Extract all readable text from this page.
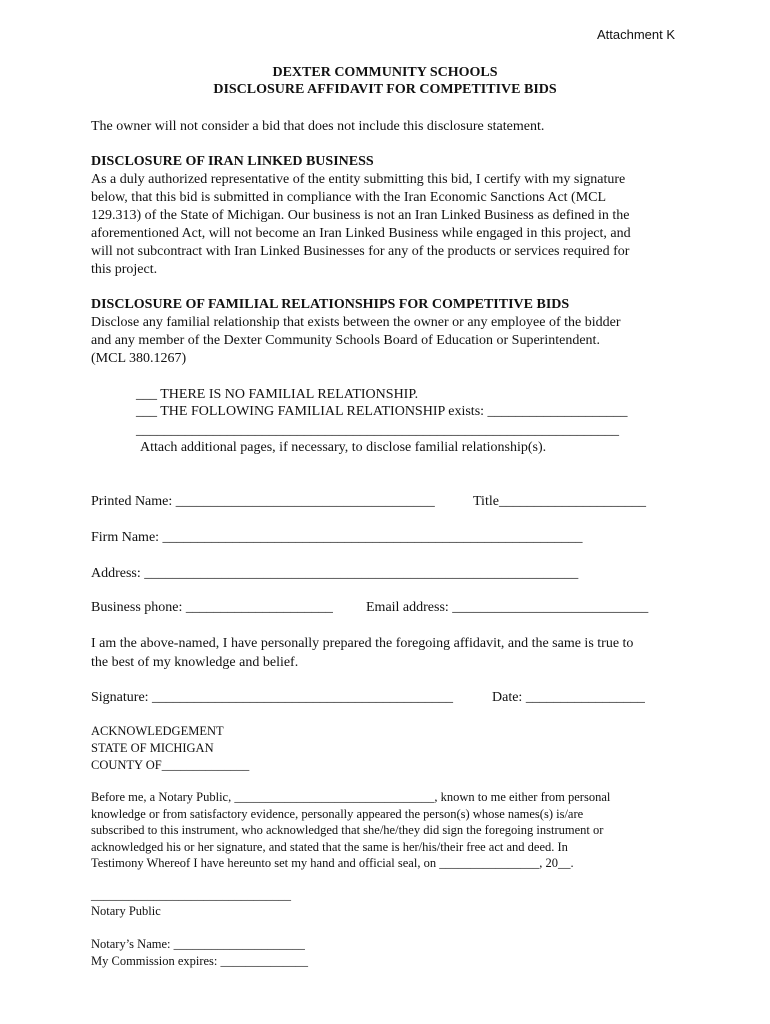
Attachment K
DEXTER COMMUNITY SCHOOLS
DISCLOSURE AFFIDAVIT FOR COMPETITIVE BIDS
The owner will not consider a bid that does not include this disclosure statement.
DISCLOSURE OF IRAN LINKED BUSINESS
As a duly authorized representative of the entity submitting this bid, I certify with my signature
below, that this bid is submitted in compliance with the Iran Economic Sanctions Act (MCL
129.313) of the State of Michigan. Our business is not an Iran Linked Business as defined in the
aforementioned Act, will not become an Iran Linked Business while engaged in this project, and
will not subcontract with Iran Linked Businesses for any of the products or services required for
this project.
DISCLOSURE OF FAMILIAL RELATIONSHIPS FOR COMPETITIVE BIDS
Disclose any familial relationship that exists between the owner or any employee of the bidder
and any member of the Dexter Community Schools Board of Education or Superintendent.
(MCL 380.1267)
___ THERE IS NO FAMILIAL RELATIONSHIP.
___ THE FOLLOWING FAMILIAL RELATIONSHIP exists: ____________________
_____________________________________________________________________
Attach additional pages, if necessary, to disclose familial relationship(s).
Printed Name: _____________________________________	Title_____________________
Firm Name: ____________________________________________________________
Address: ______________________________________________________________
Business phone: _____________________ Email address: ____________________________
I am the above-named, I have personally prepared the foregoing affidavit, and the same is true to
the best of my knowledge and belief.
Signature: ___________________________________________	Date: _________________
ACKNOWLEDGEMENT
STATE OF MICHIGAN
COUNTY OF______________
Before me, a Notary Public, ________________________________, known to me either from personal
knowledge or from satisfactory evidence, personally appeared the person(s) whose names(s) is/are
subscribed to this instrument, who acknowledged that she/he/they did sign the foregoing instrument or
acknowledged his or her signature, and stated that the same is her/his/their free act and deed. In
Testimony Whereof I have hereunto set my hand and official seal, on ________________, 20__.
________________________________
Notary Public
Notary’s Name: _____________________
My Commission expires: ______________
